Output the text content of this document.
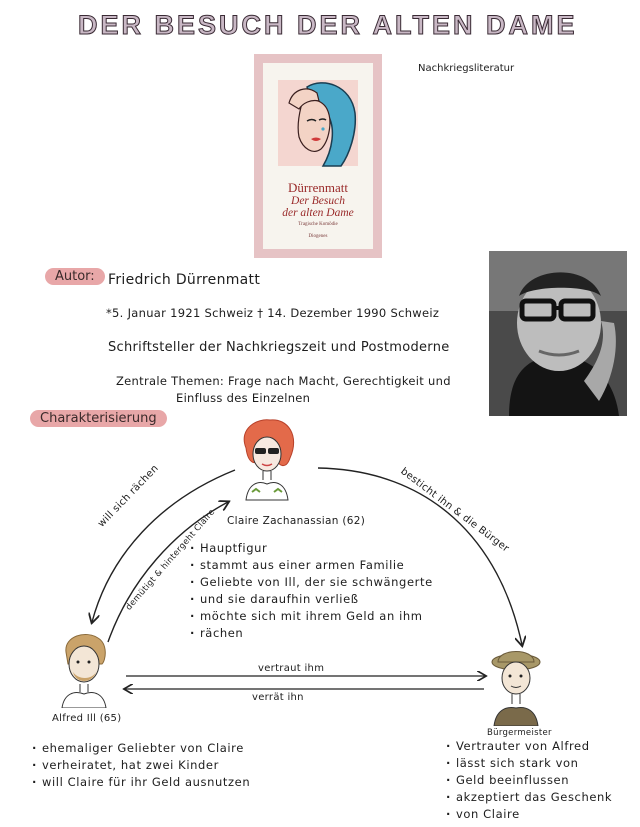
DER BESUCH DER ALTEN DAME
Nachkriegsliteratur
Dürrenmatt
Der Besuch
der alten Dame
Tragische Komödie
Diogenes
Autor: Friedrich Dürrenmatt
*5. Januar 1921 Schweiz † 14. Dezember 1990 Schweiz
Schriftsteller der Nachkriegszeit und Postmoderne
Zentrale Themen: Frage nach Macht, Gerechtigkeit und
Einfluss des Einzelnen
Charakterisierung
will sich rächen
demütigt & hintergeht Claire	besticht ihn & die Bürger
vertraut ihm
verrät ihn
Claire Zachanassian (62)
· Hauptfigur
· stammt aus einer armen Familie
· Geliebte von Ill, der sie schwängerte
· und sie daraufhin verließ
· möchte sich mit ihrem Geld an ihm
· rächen
Alfred Ill (65)
· ehemaliger Geliebter von Claire
· verheiratet, hat zwei Kinder
· will Claire für ihr Geld ausnutzen
Bürgermeister
· Vertrauter von Alfred
· lässt sich stark von
· Geld beeinflussen
· akzeptiert das Geschenk
· von Claire
